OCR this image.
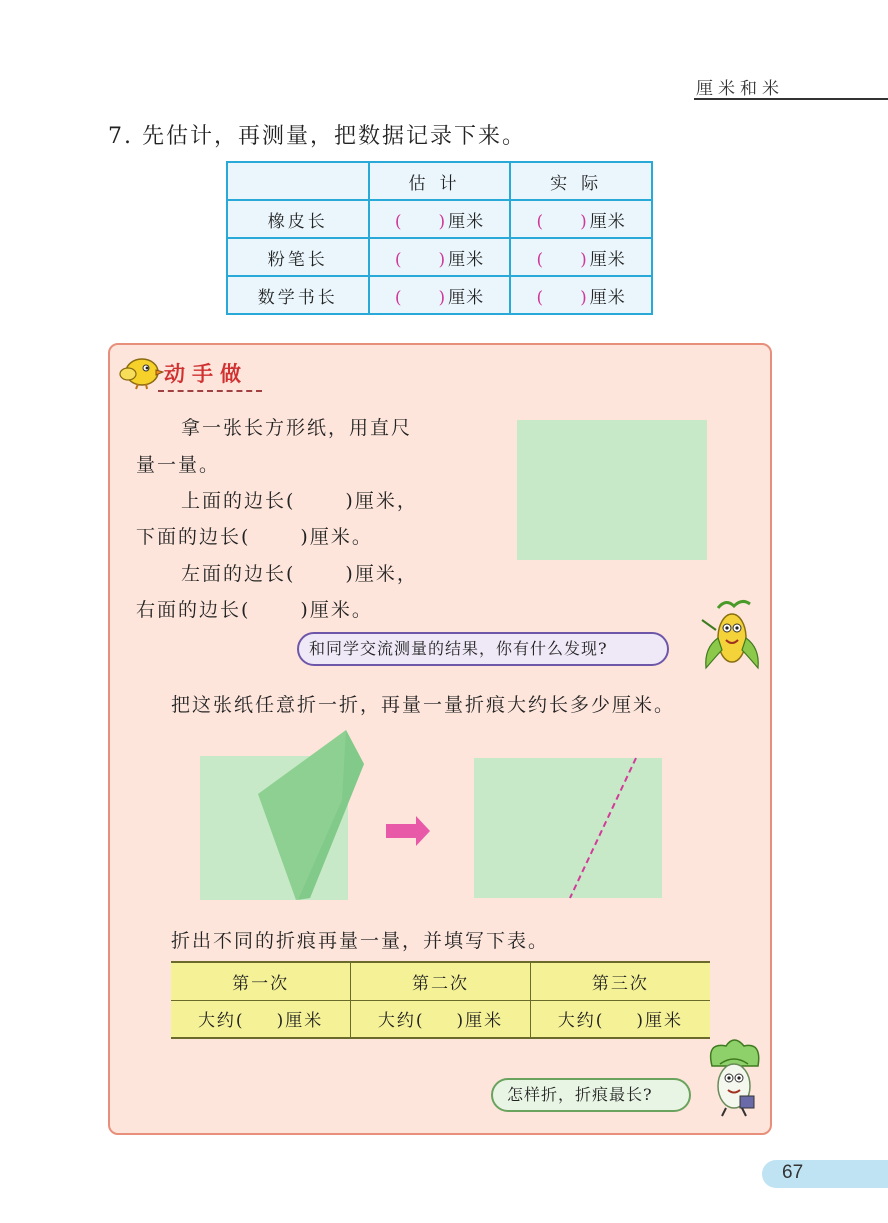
厘米和米
7. 先估计，再测量，把数据记录下来。
	估计	实际
橡皮长	( )厘米	( )厘米
粉笔长	( )厘米	( )厘米
数学书长	( )厘米	( )厘米
动手做
拿一张长方形纸，用直尺
量一量。
上面的边长(	)厘米，
下面的边长(	)厘米。
左面的边长(	)厘米，
右面的边长(	)厘米。
和同学交流测量的结果，你有什么发现?
把这张纸任意折一折，再量一量折痕大约长多少厘米。
折出不同的折痕再量一量，并填写下表。
第一次	第二次	第三次
大约( )厘米	大约( )厘米	大约( )厘米
怎样折，折痕最长?
67
